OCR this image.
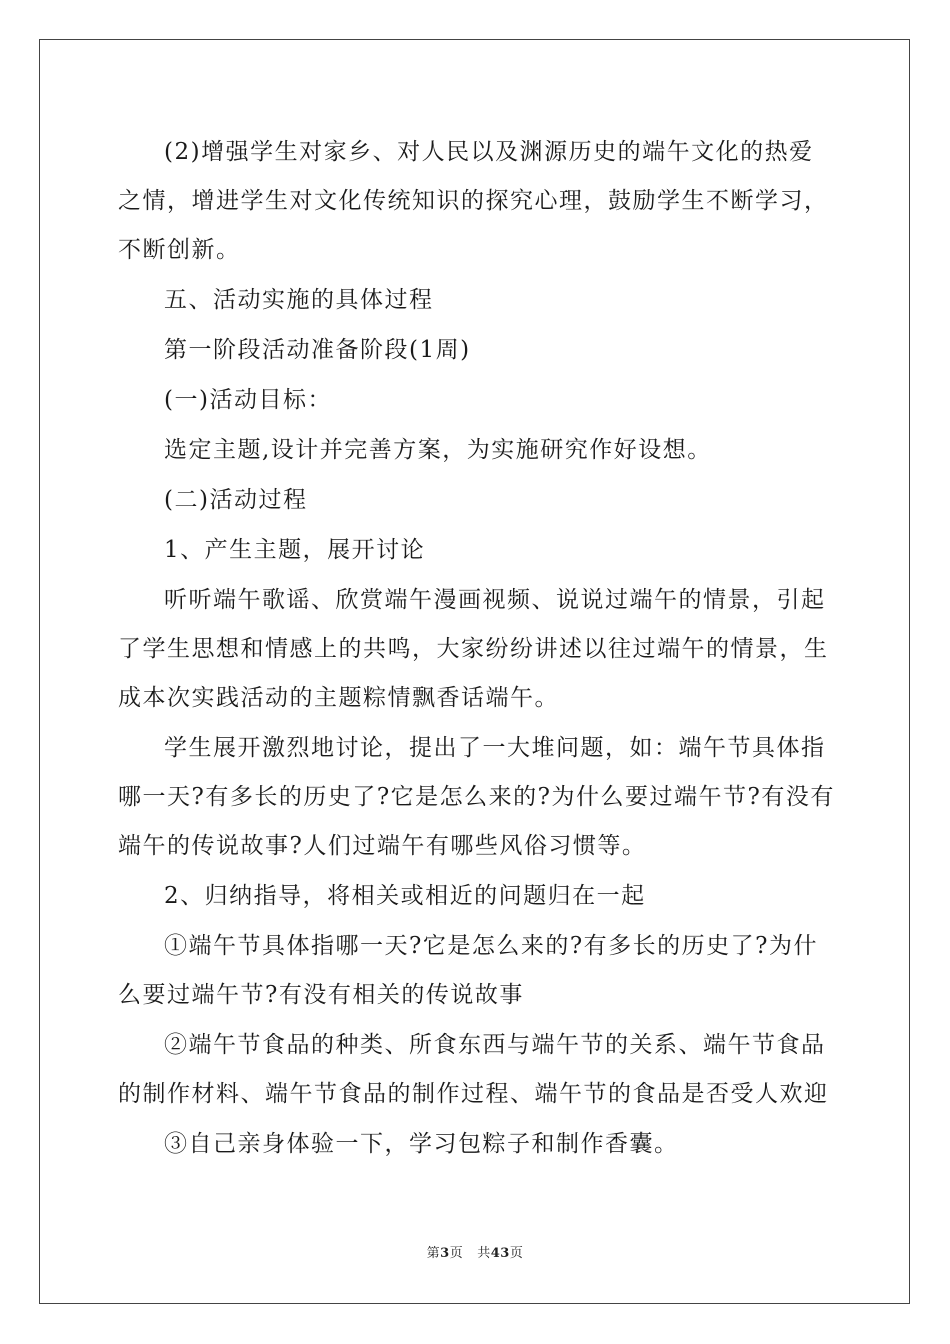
(2)增强学生对家乡、对人民以及渊源历史的端午文化的热爱之情，增进学生对文化传统知识的探究心理，鼓励学生不断学习，不断创新。

五、活动实施的具体过程

第一阶段活动准备阶段(1周)

(一)活动目标：

选定主题,设计并完善方案，为实施研究作好设想。

(二)活动过程

1、产生主题，展开讨论

听听端午歌谣、欣赏端午漫画视频、说说过端午的情景，引起了学生思想和情感上的共鸣，大家纷纷讲述以往过端午的情景，生成本次实践活动的主题粽情飘香话端午。

学生展开激烈地讨论，提出了一大堆问题，如：端午节具体指哪一天?有多长的历史了?它是怎么来的?为什么要过端午节?有没有端午的传说故事?人们过端午有哪些风俗习惯等。

2、归纳指导，将相关或相近的问题归在一起

①端午节具体指哪一天?它是怎么来的?有多长的历史了?为什么要过端午节?有没有相关的传说故事

②端午节食品的种类、所食东西与端午节的关系、端午节食品的制作材料、端午节食品的制作过程、端午节的食品是否受人欢迎

③自己亲身体验一下，学习包粽子和制作香囊。

第3页 共43页
